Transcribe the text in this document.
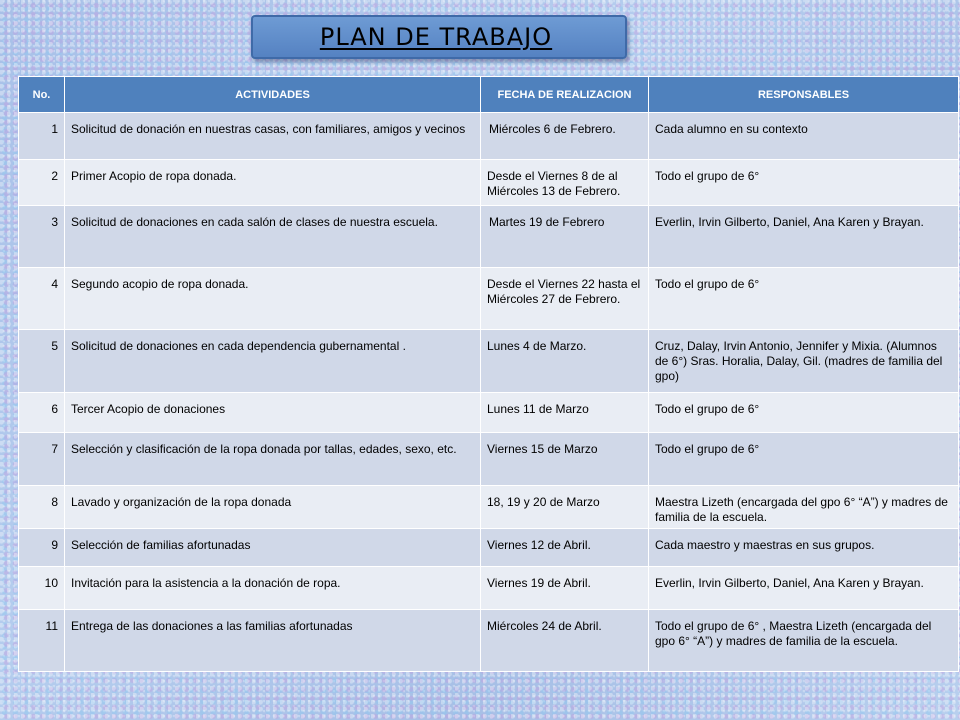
PLAN DE TRABAJO
No.	ACTIVIDADES	FECHA DE REALIZACION	RESPONSABLES
1	Solicitud de donación en nuestras casas, con familiares, amigos y vecinos	Miércoles 6 de Febrero.	Cada alumno en su contexto
2	Primer Acopio de ropa donada.	Desde el Viernes 8 de al Miércoles 13 de Febrero.	Todo el grupo de 6°
3	Solicitud de donaciones en cada salón de clases de nuestra escuela.	Martes 19 de Febrero	Everlin, Irvin Gilberto, Daniel, Ana Karen y Brayan.
4	Segundo acopio de ropa donada.	Desde el Viernes 22 hasta el Miércoles 27 de Febrero.	Todo el grupo de 6°
5	Solicitud de donaciones en cada dependencia gubernamental .	Lunes 4 de Marzo.	Cruz, Dalay, Irvin Antonio, Jennifer y Mixia. (Alumnos de 6°) Sras. Horalia, Dalay, Gil. (madres de familia del gpo)
6	Tercer Acopio de donaciones	Lunes 11 de Marzo	Todo el grupo de 6°
7	Selección y clasificación de la ropa donada por tallas, edades, sexo, etc.	Viernes 15 de Marzo	Todo el grupo de 6°
8	Lavado y organización de la ropa donada	18, 19 y 20 de Marzo	Maestra Lizeth (encargada del gpo 6° “A”) y madres de familia de la escuela.
9	Selección de familias afortunadas	Viernes 12 de Abril.	Cada maestro y maestras en sus grupos.
10	Invitación para la asistencia a la donación de ropa.	Viernes 19 de Abril.	Everlin, Irvin Gilberto, Daniel, Ana Karen y Brayan.
11	Entrega de las donaciones a las familias afortunadas	Miércoles 24 de Abril.	Todo el grupo de 6° , Maestra Lizeth (encargada del gpo 6° “A”) y madres de familia de la escuela.
